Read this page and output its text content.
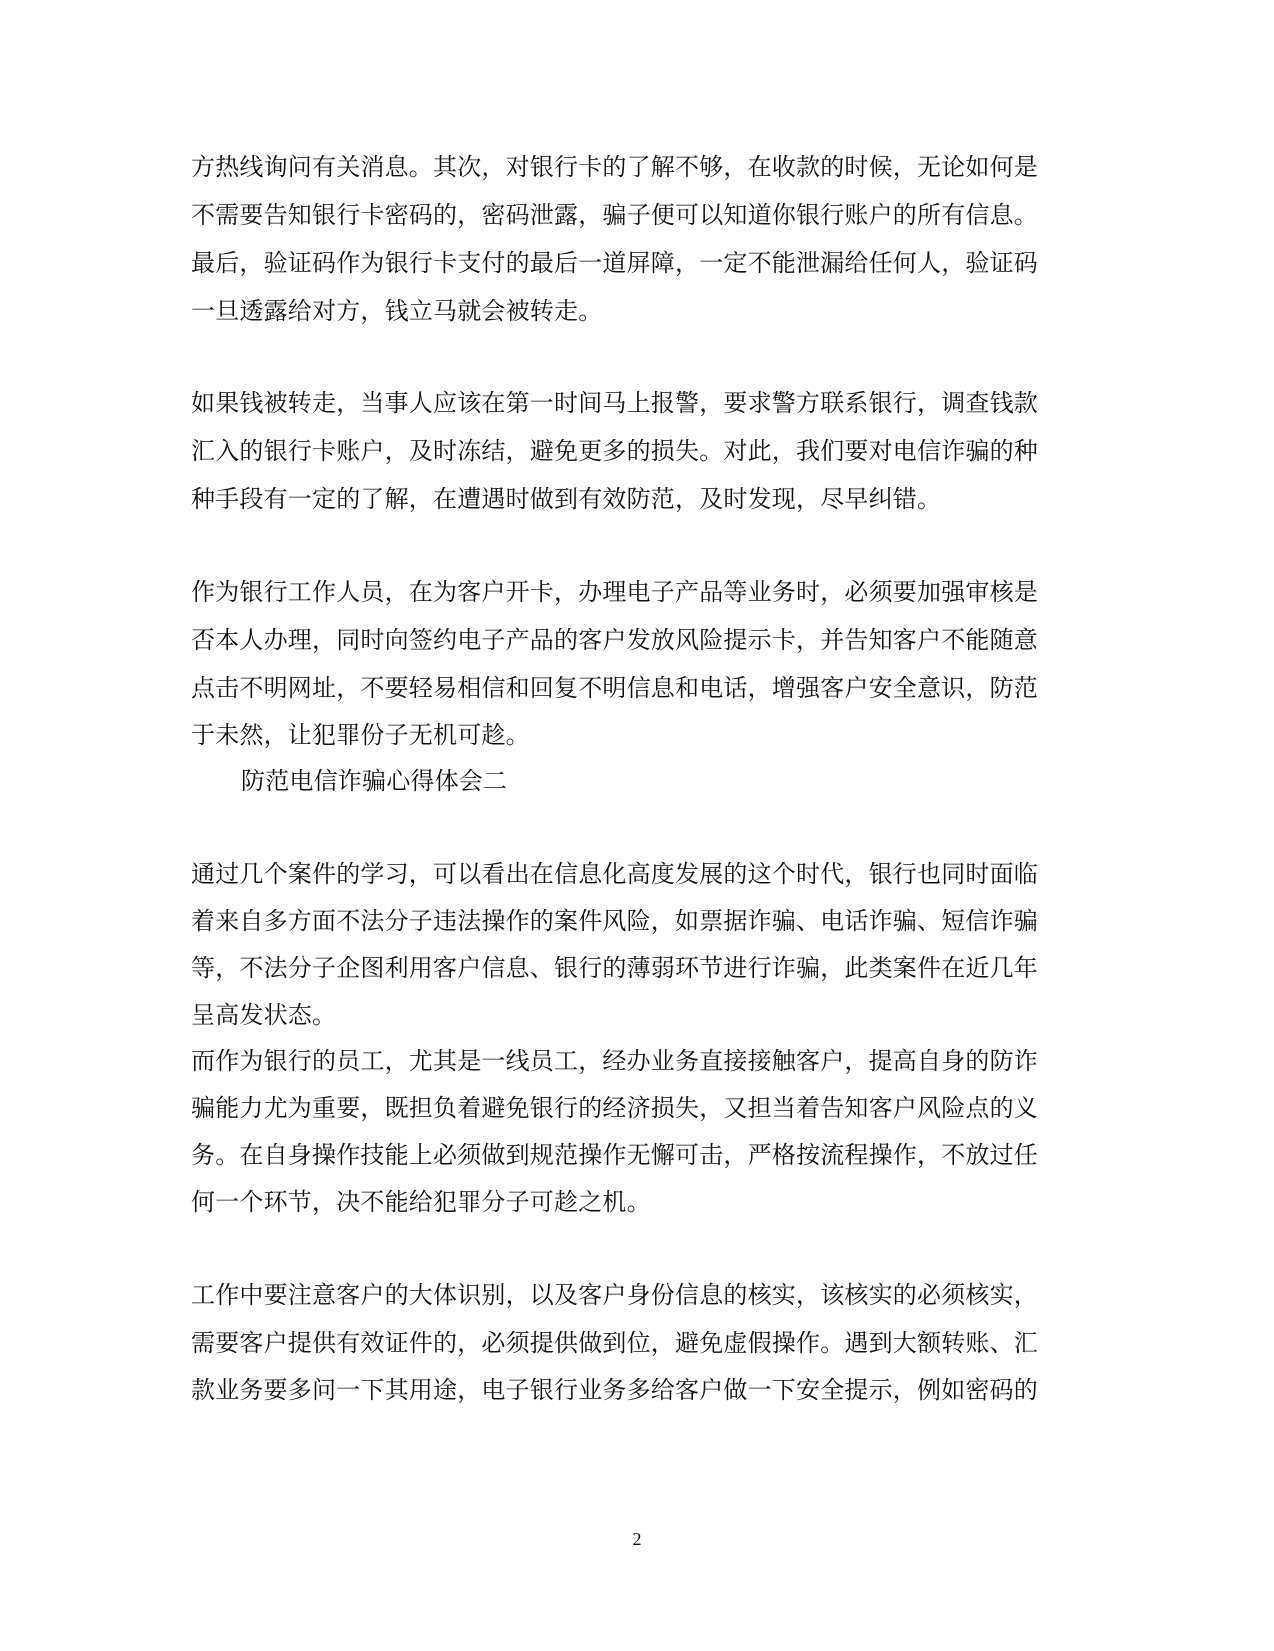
方热线询问有关消息。其次，对银行卡的了解不够，在收款的时候，无论如何是
不需要告知银行卡密码的，密码泄露，骗子便可以知道你银行账户的所有信息。
最后，验证码作为银行卡支付的最后一道屏障，一定不能泄漏给任何人，验证码
一旦透露给对方，钱立马就会被转走。
如果钱被转走，当事人应该在第一时间马上报警，要求警方联系银行，调查钱款
汇入的银行卡账户，及时冻结，避免更多的损失。对此，我们要对电信诈骗的种
种手段有一定的了解，在遭遇时做到有效防范，及时发现，尽早纠错。
作为银行工作人员，在为客户开卡，办理电子产品等业务时，必须要加强审核是
否本人办理，同时向签约电子产品的客户发放风险提示卡，并告知客户不能随意
点击不明网址，不要轻易相信和回复不明信息和电话，增强客户安全意识，防范
于未然，让犯罪份子无机可趁。
防范电信诈骗心得体会二
通过几个案件的学习，可以看出在信息化高度发展的这个时代，银行也同时面临
着来自多方面不法分子违法操作的案件风险，如票据诈骗、电话诈骗、短信诈骗
等，不法分子企图利用客户信息、银行的薄弱环节进行诈骗，此类案件在近几年
呈高发状态。
而作为银行的员工，尤其是一线员工，经办业务直接接触客户，提高自身的防诈
骗能力尤为重要，既担负着避免银行的经济损失，又担当着告知客户风险点的义
务。在自身操作技能上必须做到规范操作无懈可击，严格按流程操作，不放过任
何一个环节，决不能给犯罪分子可趁之机。
工作中要注意客户的大体识别，以及客户身份信息的核实，该核实的必须核实，
需要客户提供有效证件的，必须提供做到位，避免虚假操作。遇到大额转账、汇
款业务要多问一下其用途，电子银行业务多给客户做一下安全提示，例如密码的
2
